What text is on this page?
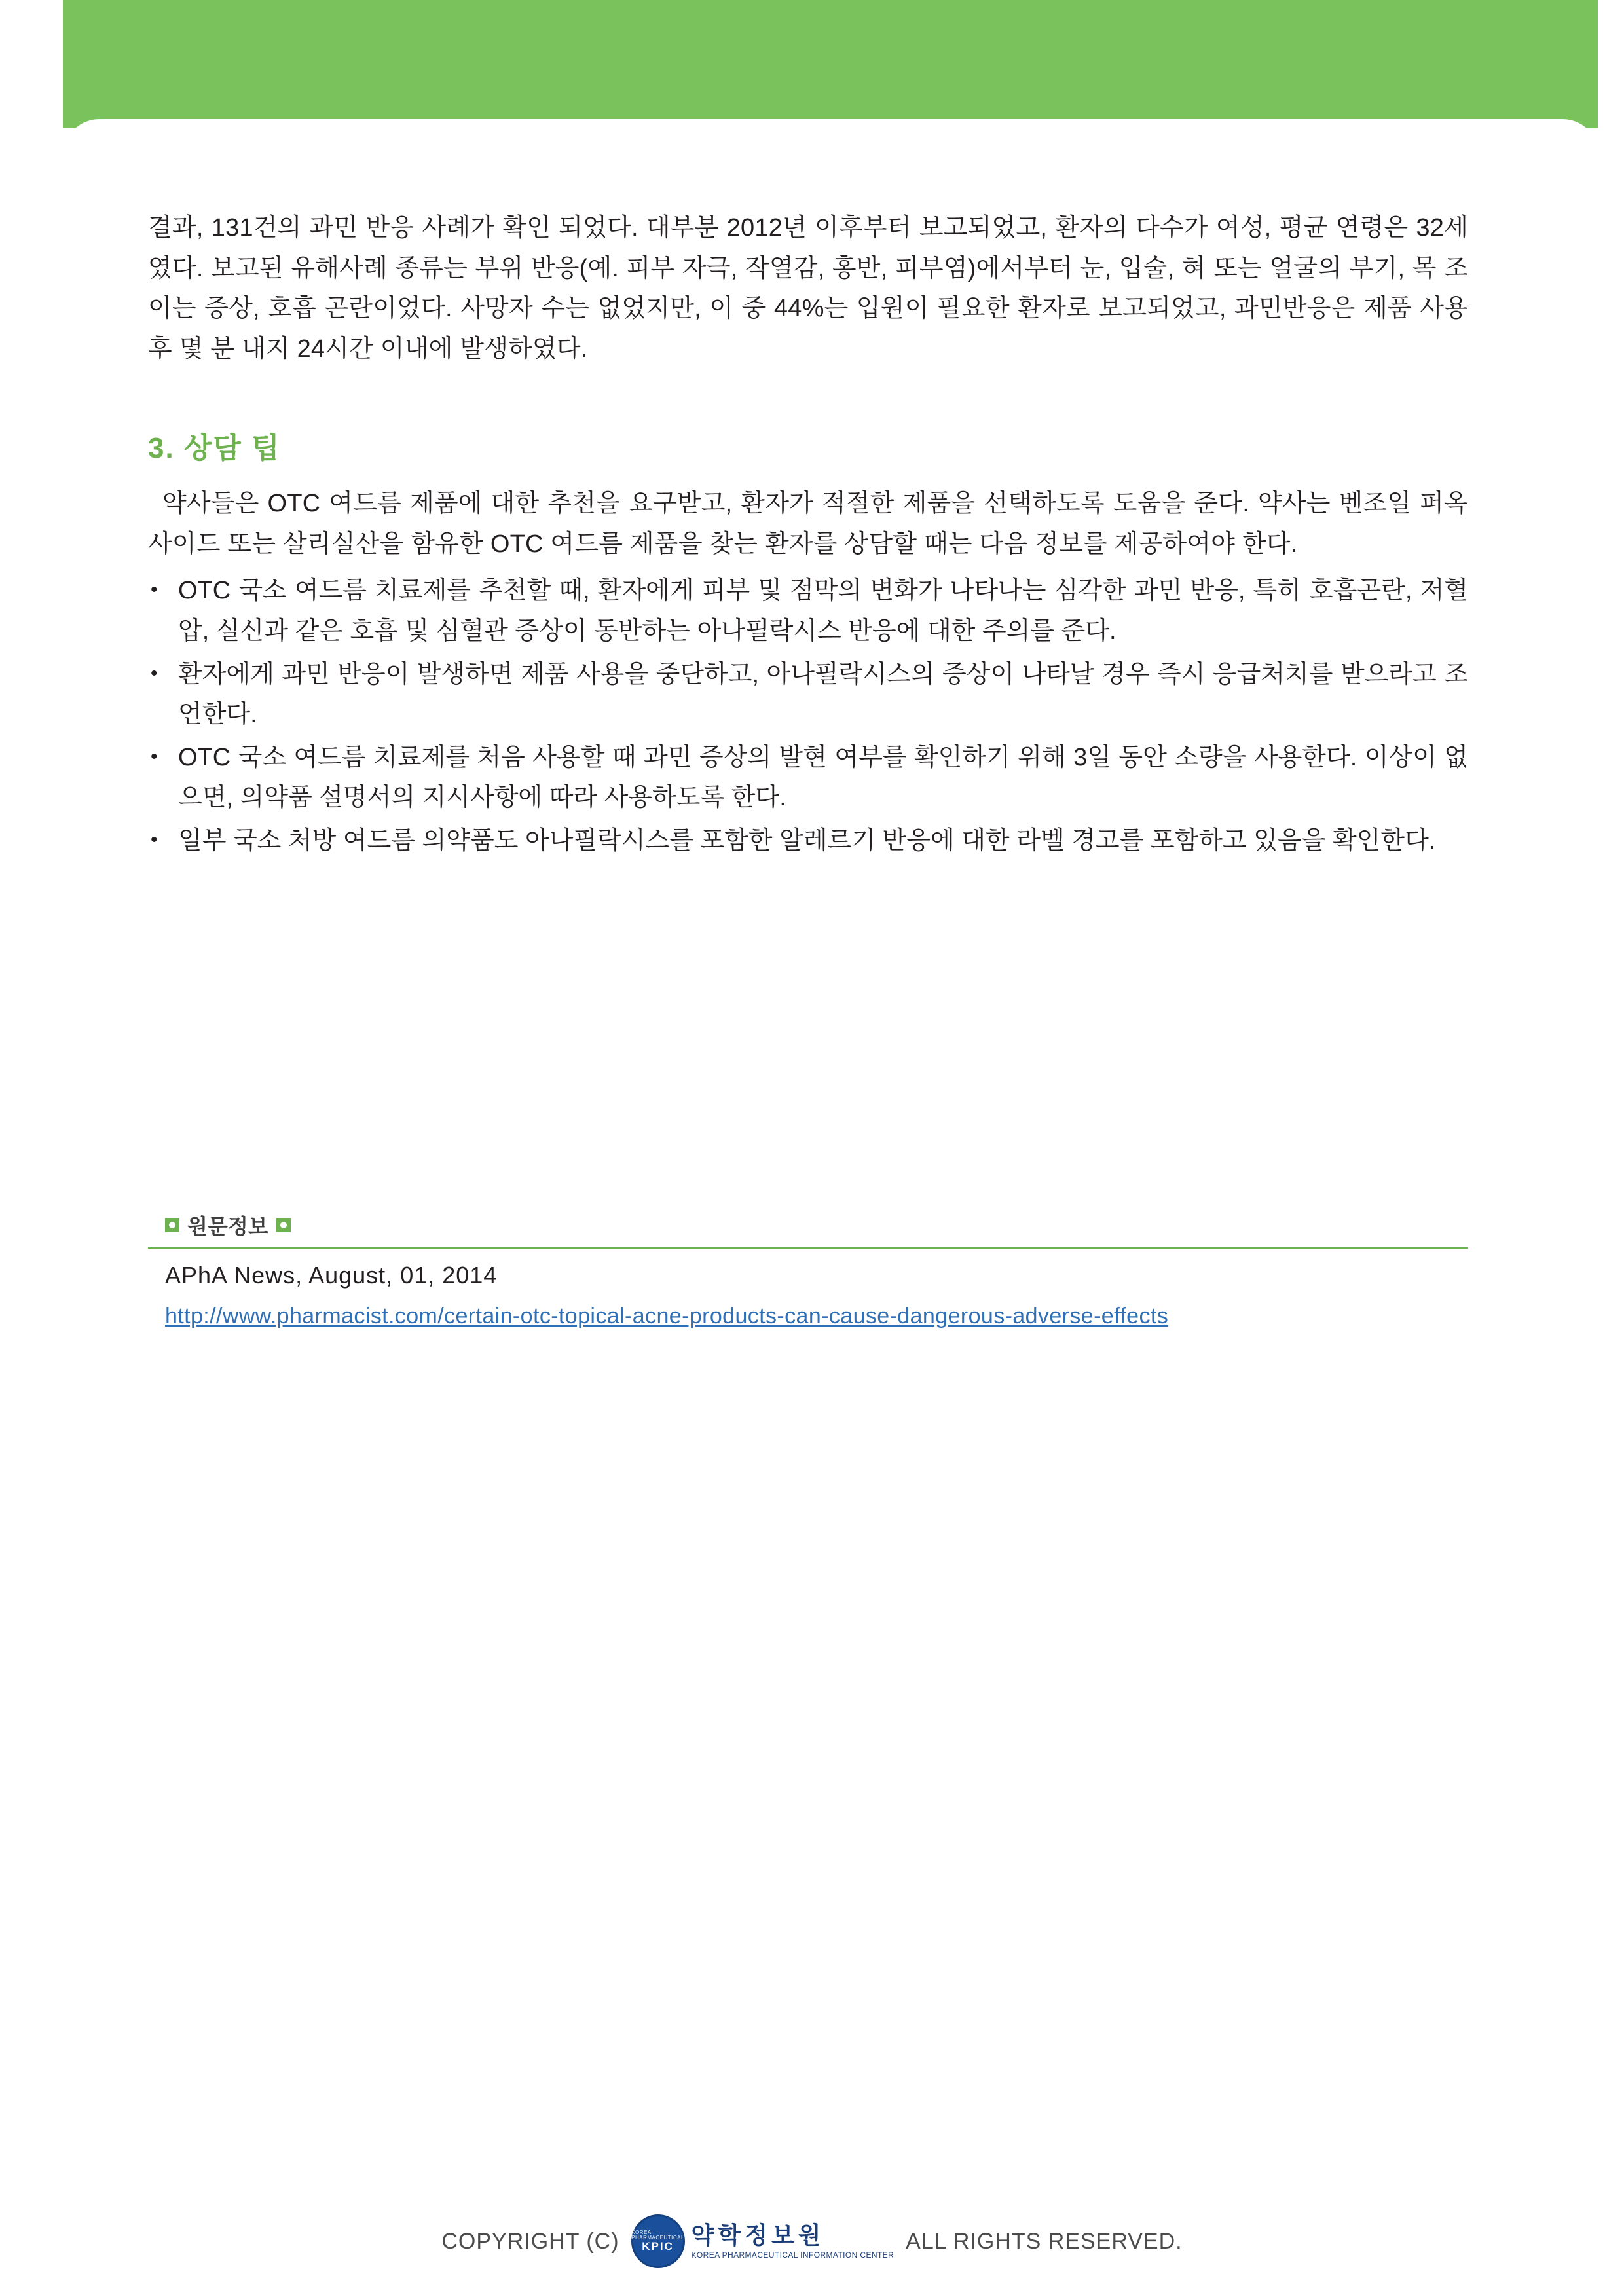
결과, 131건의 과민 반응 사례가 확인 되었다. 대부분 2012년 이후부터 보고되었고, 환자의 다수가 여성, 평균 연령은 32세였다. 보고된 유해사례 종류는 부위 반응(예. 피부 자극, 작열감, 홍반, 피부염)에서부터 눈, 입술, 혀 또는 얼굴의 부기, 목 조이는 증상, 호흡 곤란이었다. 사망자 수는 없었지만, 이 중 44%는 입원이 필요한 환자로 보고되었고, 과민반응은 제품 사용 후 몇 분 내지 24시간 이내에 발생하였다.

3. 상담 팁

약사들은 OTC 여드름 제품에 대한 추천을 요구받고, 환자가 적절한 제품을 선택하도록 도움을 준다. 약사는 벤조일 퍼옥사이드 또는 살리실산을 함유한 OTC 여드름 제품을 찾는 환자를 상담할 때는 다음 정보를 제공하여야 한다.

• OTC 국소 여드름 치료제를 추천할 때, 환자에게 피부 및 점막의 변화가 나타나는 심각한 과민 반응, 특히 호흡곤란, 저혈압, 실신과 같은 호흡 및 심혈관 증상이 동반하는 아나필락시스 반응에 대한 주의를 준다.
• 환자에게 과민 반응이 발생하면 제품 사용을 중단하고, 아나필락시스의 증상이 나타날 경우 즉시 응급처치를 받으라고 조언한다.
• OTC 국소 여드름 치료제를 처음 사용할 때 과민 증상의 발현 여부를 확인하기 위해 3일 동안 소량을 사용한다. 이상이 없으면, 의약품 설명서의 지시사항에 따라 사용하도록 한다.
• 일부 국소 처방 여드름 의약품도 아나필락시스를 포함한 알레르기 반응에 대한 라벨 경고를 포함하고 있음을 확인한다.
원문정보
APhA News, August, 01, 2014
http://www.pharmacist.com/certain-otc-topical-acne-products-can-cause-dangerous-adverse-effects
COPYRIGHT (C) KOREA PHARMACEUTICAL
KPIC 약학정보원
KOREA PHARMACEUTICAL INFORMATION CENTER
ALL RIGHTS RESERVED.
